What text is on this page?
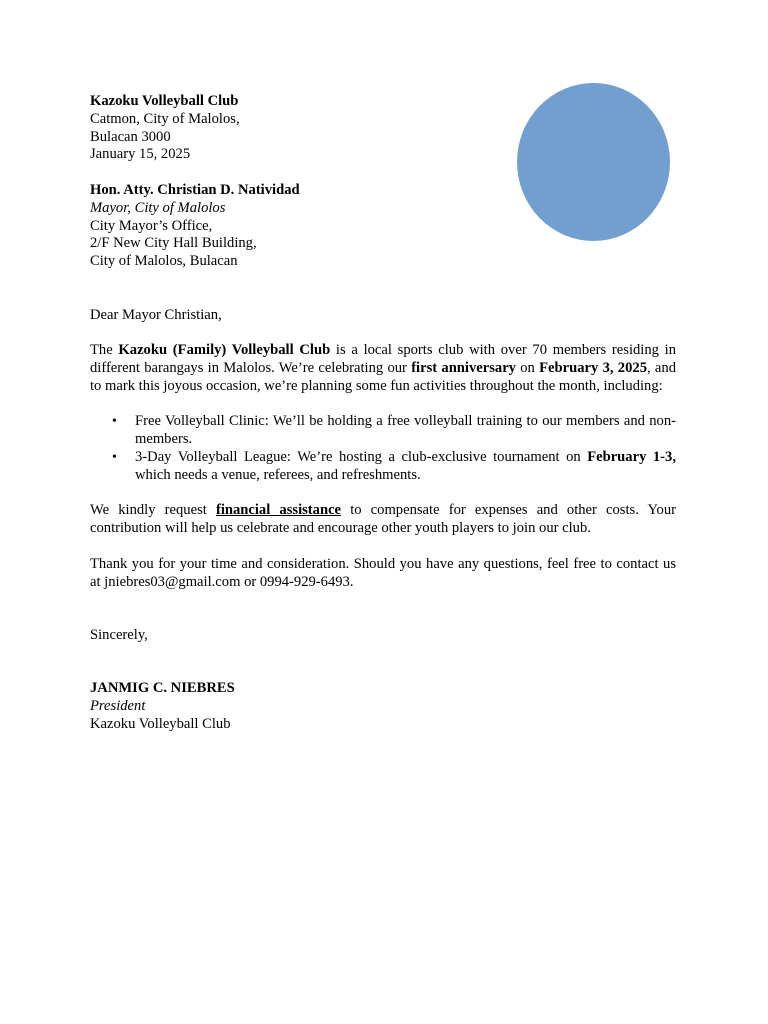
Kazoku Volleyball Club
Catmon, City of Malolos,
Bulacan 3000
January 15, 2025
Hon. Atty. Christian D. Natividad
Mayor, City of Malolos
City Mayor’s Office,
2/F New City Hall Building,
City of Malolos, Bulacan

Dear Mayor Christian,

The Kazoku (Family) Volleyball Club is a local sports club with over 70 members residing in different barangays in Malolos. We’re celebrating our first anniversary on February 3, 2025, and to mark this joyous occasion, we’re planning some fun activities throughout the month, including:

• Free Volleyball Clinic: We’ll be holding a free volleyball training to our members and non-members.
• 3-Day Volleyball League: We’re hosting a club-exclusive tournament on February 1-3, which needs a venue, referees, and refreshments.

We kindly request financial assistance to compensate for expenses and other costs. Your contribution will help us celebrate and encourage other youth players to join our club.

Thank you for your time and consideration. Should you have any questions, feel free to contact us at jniebres03@gmail.com or 0994-929-6493.

Sincerely,

JANMIG C. NIEBRES
President
Kazoku Volleyball Club
